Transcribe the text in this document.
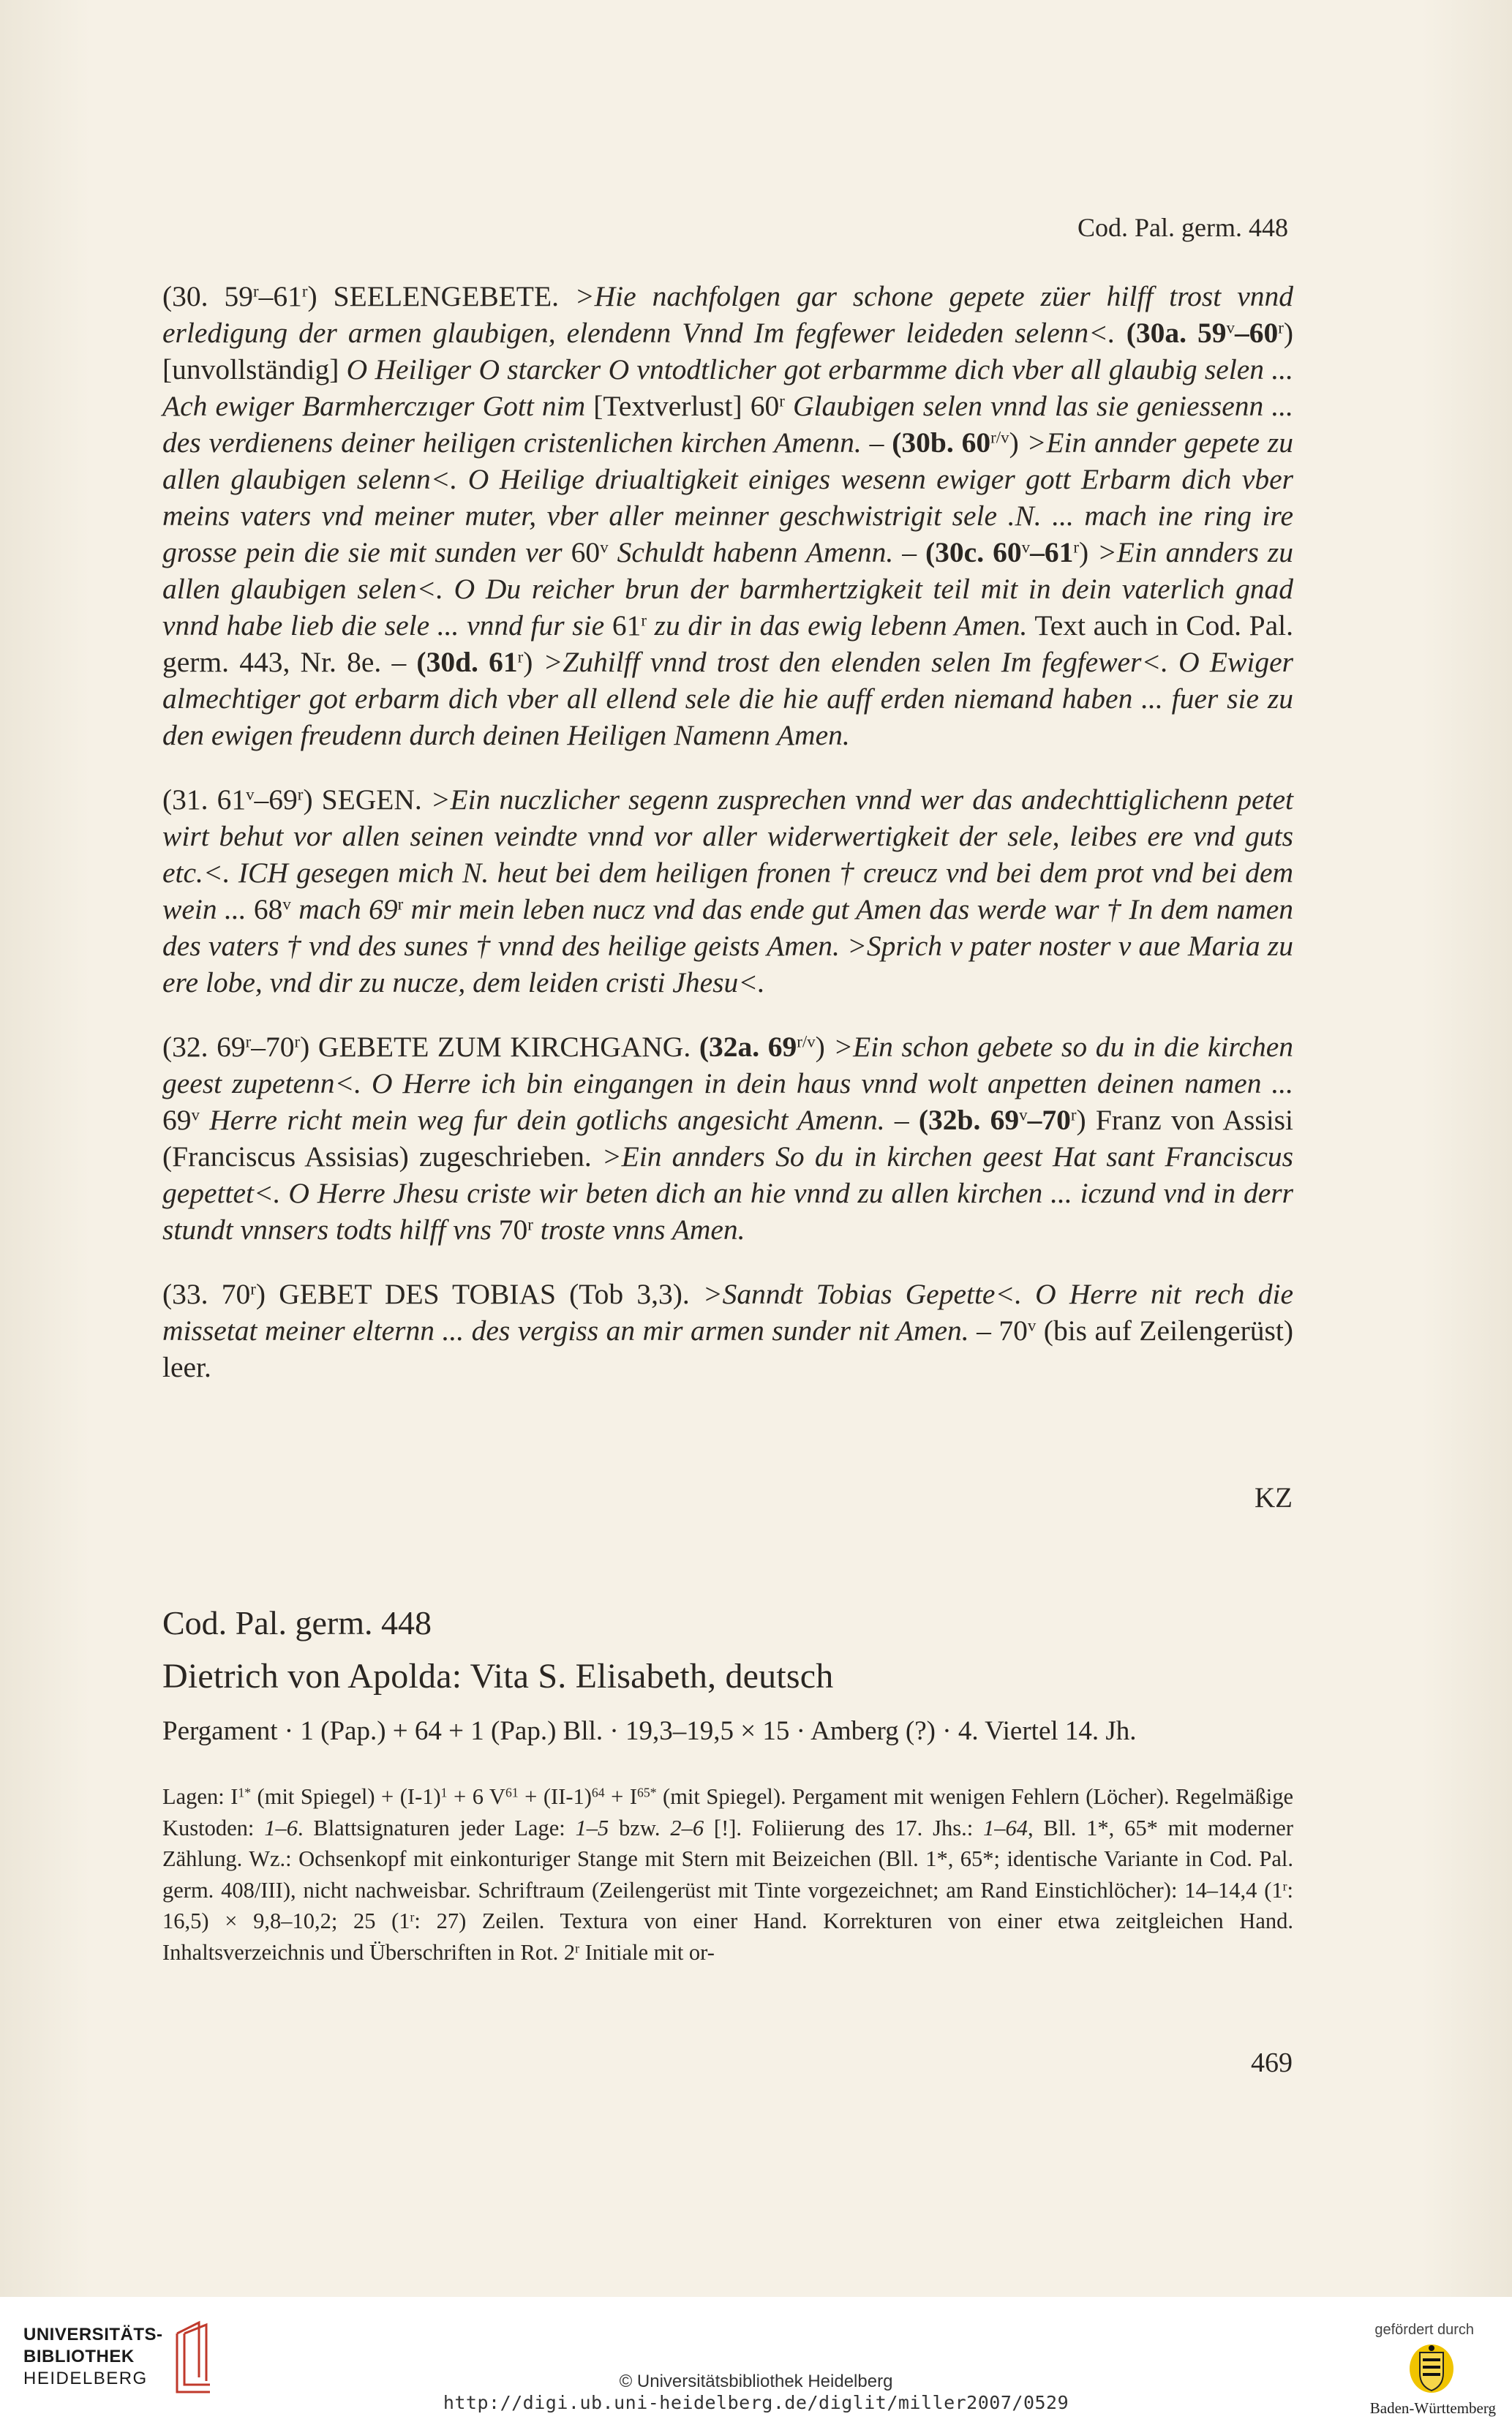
Cod. Pal. germ. 448

(30. 59$^r$–61$^r$) SEELENGEBETE. >Hie nachfolgen gar schone gepete züer hilff trost vnnd erledigung der armen glaubigen, elendenn Vnnd Im fegfewer leideden selenn<. (30a. 59$^v$–60$^r$) [unvollständig] O Heiliger O starcker O vntodtlicher got erbarmme dich vber all glaubig selen ... Ach ewiger Barmherczıger Gott nim [Textverlust] 60$^r$ Glaubigen selen vnnd las sie geniessenn ... des verdienens deiner heiligen cristenlichen kirchen Amenn. – (30b. $60^{r/v}) >Ein$ annder gepete zu allen glaubigen selenn<. O Heilige driualtigkeit einiges wesenn ewiger gott Erbarm dich vber meins vaters vnd meiner muter, vber aller meinner geschwistrigit sele .N. ... mach ine ring ire grosse pein die sie mit sunden ver 60$^v$ Schuldt habenn Amenn. – (30c. $60^v-61^r) >Ein$ annders zu allen glaubigen selen<. O Du reicher brun der barmhertzigkeit teil mit in dein vaterlich gnad vnnd habe lieb die sele ... vnnd fur sie 61$^r$ zu dir in das ewig lebenn Amen. Text auch in Cod. Pal. germ. 443, Nr. 8e. – (30d. $61^r$) >Zuhilff vnnd trost den elenden selen Im fegfewer<. O Ewiger almechtiger got erbarm dich vber all ellend sele die hie auff erden niemand haben ... fuer sie zu den ewigen freudenn durch deinen Heiligen Namenn Amen.

(31. 61$^v$–69$^r$) SEGEN. >Ein nuczlicher segenn zusprechen vnnd wer das andechttiglichenn petet wirt behut vor allen seinen veindte vnnd vor aller widerwertigkeit der sele, leibes ere vnd guts etc.<. ICH gesegen mich N. heut bei dem heiligen fronen † creucz vnd bei dem prot vnd bei dem wein ... 68$^v$ mach 69$^r$ mir mein leben nucz vnd das ende gut Amen das werde war † In dem namen des vaters † vnd des sunes † vnnd des heilige geists Amen. >Sprich v pater noster v aue Maria zu ere lobe, vnd dir zu nucze, dem leiden cristi Jhesu<.

(32. 69$^r$–70$^r$) GEBETE ZUM KIRCHGANG. (32a. $69^{r/v}) >Ein$ schon gebete so du in die kirchen geest zupetenn<. O Herre ich bin eingangen in dein haus vnnd wolt anpetten deinen namen ... 69$^v$ Herre richt mein weg fur dein gotlichs angesicht Amenn. – (32b. 69$^v$–70$^r$) Franz von Assisi (Franciscus Assisias) zugeschrieben. >Ein annders So du in kirchen geest Hat sant Franciscus gepettet<. O Herre Jhesu criste wir beten dich an hie vnnd zu allen kirchen ... iczund vnd in derr stundt vnnsers todts hilff vns 70$^r$ troste vnns Amen.

(33. 70$^r$) GEBET DES TOBIAS (Tob 3,3). >Sanndt Tobias Gepette<. O Herre nit rech die missetat meiner elternn ... des vergiss an mir armen sunder nit Amen. – 70$^v$ (bis auf Zeilengerüst) leer.

KZ
Cod. Pal. germ. 448
Dietrich von Apolda: Vita S. Elisabeth, deutsch
Pergament · 1 (Pap.) + 64 + 1 (Pap.) Bll. · 19,3–19,5 × 15 · Amberg (?) · 4. Viertel 14. Jh.
Lagen: $I^{1*}$ (mit Spiegel) + $(I-1)^1 + 6$ $V^{61} + (II-1)^{64} + I^{65*}$ (mit Spiegel). Pergament mit wenigen Fehlern (Löcher). Regelmäßige Kustoden: 1–6. Blattsignaturen jeder Lage: 1–5 bzw. 2–6 [!]. Foliierung des 17. Jhs.: 1–64, Bll. 1*, 65* mit moderner Zählung. Wz.: Ochsenkopf mit einkonturiger Stange mit Stern mit Beizeichen (Bll. 1*, 65*; identische Variante in Cod. Pal. germ. 408/III), nicht nachweisbar. Schriftraum (Zeilengerüst mit Tinte vorgezeichnet; am Rand Einstichlöcher): 14–14,4 (1$^r$: 16,5) × 9,8–10,2; 25 (1$^r$: 27) Zeilen. Textura von einer Hand. Korrekturen von einer etwa zeitgleichen Hand. Inhaltsverzeichnis und Überschriften in Rot. 2$^r$ Initiale mit or-
469
UNIVERSITÄTS-
BIBLIOTHEK
HEIDELBERG	© Universitätsbibliothek Heidelberg
http://digi.ub.uni-heidelberg.de/diglit/miller2007/0529
gefördert durch
Baden-Württemberg
